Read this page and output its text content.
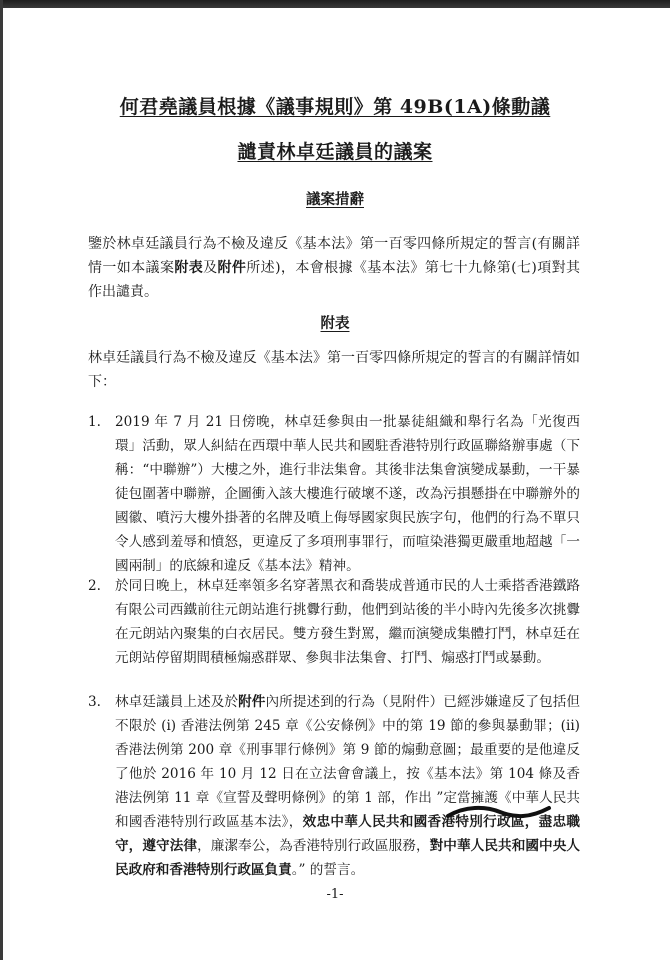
何君堯議員根據《議事規則》第 49B(1A)條動議
譴責林卓廷議員的議案
議案措辭
鑒於林卓廷議員行為不檢及違反《基本法》第一百零四條所規定的誓言(有關詳情一如本議案附表及附件所述)，本會根據《基本法》第七十九條第(七)項對其作出譴責。
附表
林卓廷議員行為不檢及違反《基本法》第一百零四條所規定的誓言的有關詳情如下：
1. 2019 年 7 月 21 日傍晚，林卓廷參與由一批暴徒組織和舉行名為「光復西環」活動，眾人糾結在西環中華人民共和國駐香港特別行政區聯絡辦事處（下稱：“中聯辦”）大樓之外，進行非法集會。其後非法集會演變成暴動，一干暴徒包圍著中聯辦，企圖衝入該大樓進行破壞不遂，改為污損懸掛在中聯辦外的國徽、噴污大樓外掛著的名牌及噴上侮辱國家與民族字句，他們的行為不單只令人感到羞辱和憤怒，更違反了多項刑事罪行，而喧染港獨更嚴重地超越「一國兩制」的底線和違反《基本法》精神。
2. 於同日晚上，林卓廷率領多名穿著黑衣和喬裝成普通市民的人士乘搭香港鐵路有限公司西鐵前往元朗站進行挑釁行動，他們到站後的半小時內先後多次挑釁在元朗站內聚集的白衣居民。雙方發生對罵，繼而演變成集體打鬥，林卓廷在元朗站停留期間積極煽惑群眾、參與非法集會、打鬥、煽惑打鬥或暴動。
3. 林卓廷議員上述及於附件內所提述到的行為（見附件）已經涉嫌違反了包括但不限於 (i) 香港法例第 245 章《公安條例》中的第 19 節的參與暴動罪；(ii) 香港法例第 200 章《刑事罪行條例》第 9 節的煽動意圖；最重要的是他違反了他於 2016 年 10 月 12 日在立法會會議上，按《基本法》第 104 條及香港法例第 11 章《宣誓及聲明條例》的第 1 部，作出 ”定當擁護《中華人民共和國香港特別行政區基本法》，效忠中華人民共和國香港特別行政區，盡忠職守，遵守法律，廉潔奉公，為香港特別行政區服務，對中華人民共和國中央人民政府和香港特別行政區負責。” 的誓言。
-1-
